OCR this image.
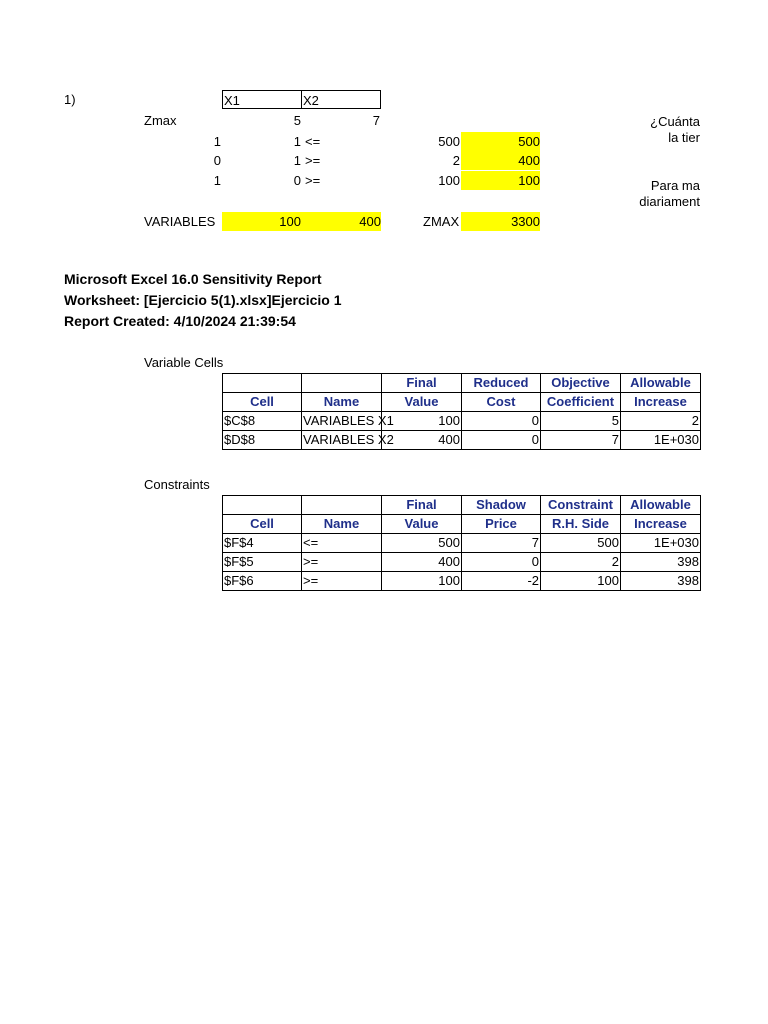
1)	X1	X2
Zmax	5	7
1	1 <=	500	500
0	1 >=	2	400
1	0 >=	100	100
VARIABLES	100	400	ZMAX	3300
¿Cuánta
la tier
Para ma
diariament
Microsoft Excel 16.0 Sensitivity Report
Worksheet: [Ejercicio 5(1).xlsx]Ejercicio 1
Report Created: 4/10/2024 21:39:54
Variable Cells
		Final	Reduced	Objective	Allowable
Cell	Name	Value	Cost	Coefficient	Increase
$C$8	VARIABLES X1	100	0	5	2
$D$8	VARIABLES X2	400	0	7	1E+030
Constraints
		Final	Shadow	Constraint	Allowable
Cell	Name	Value	Price	R.H. Side	Increase
$F$4	<=	500	7	500	1E+030
$F$5	>=	400	0	2	398
$F$6	>=	100	-2	100	398
